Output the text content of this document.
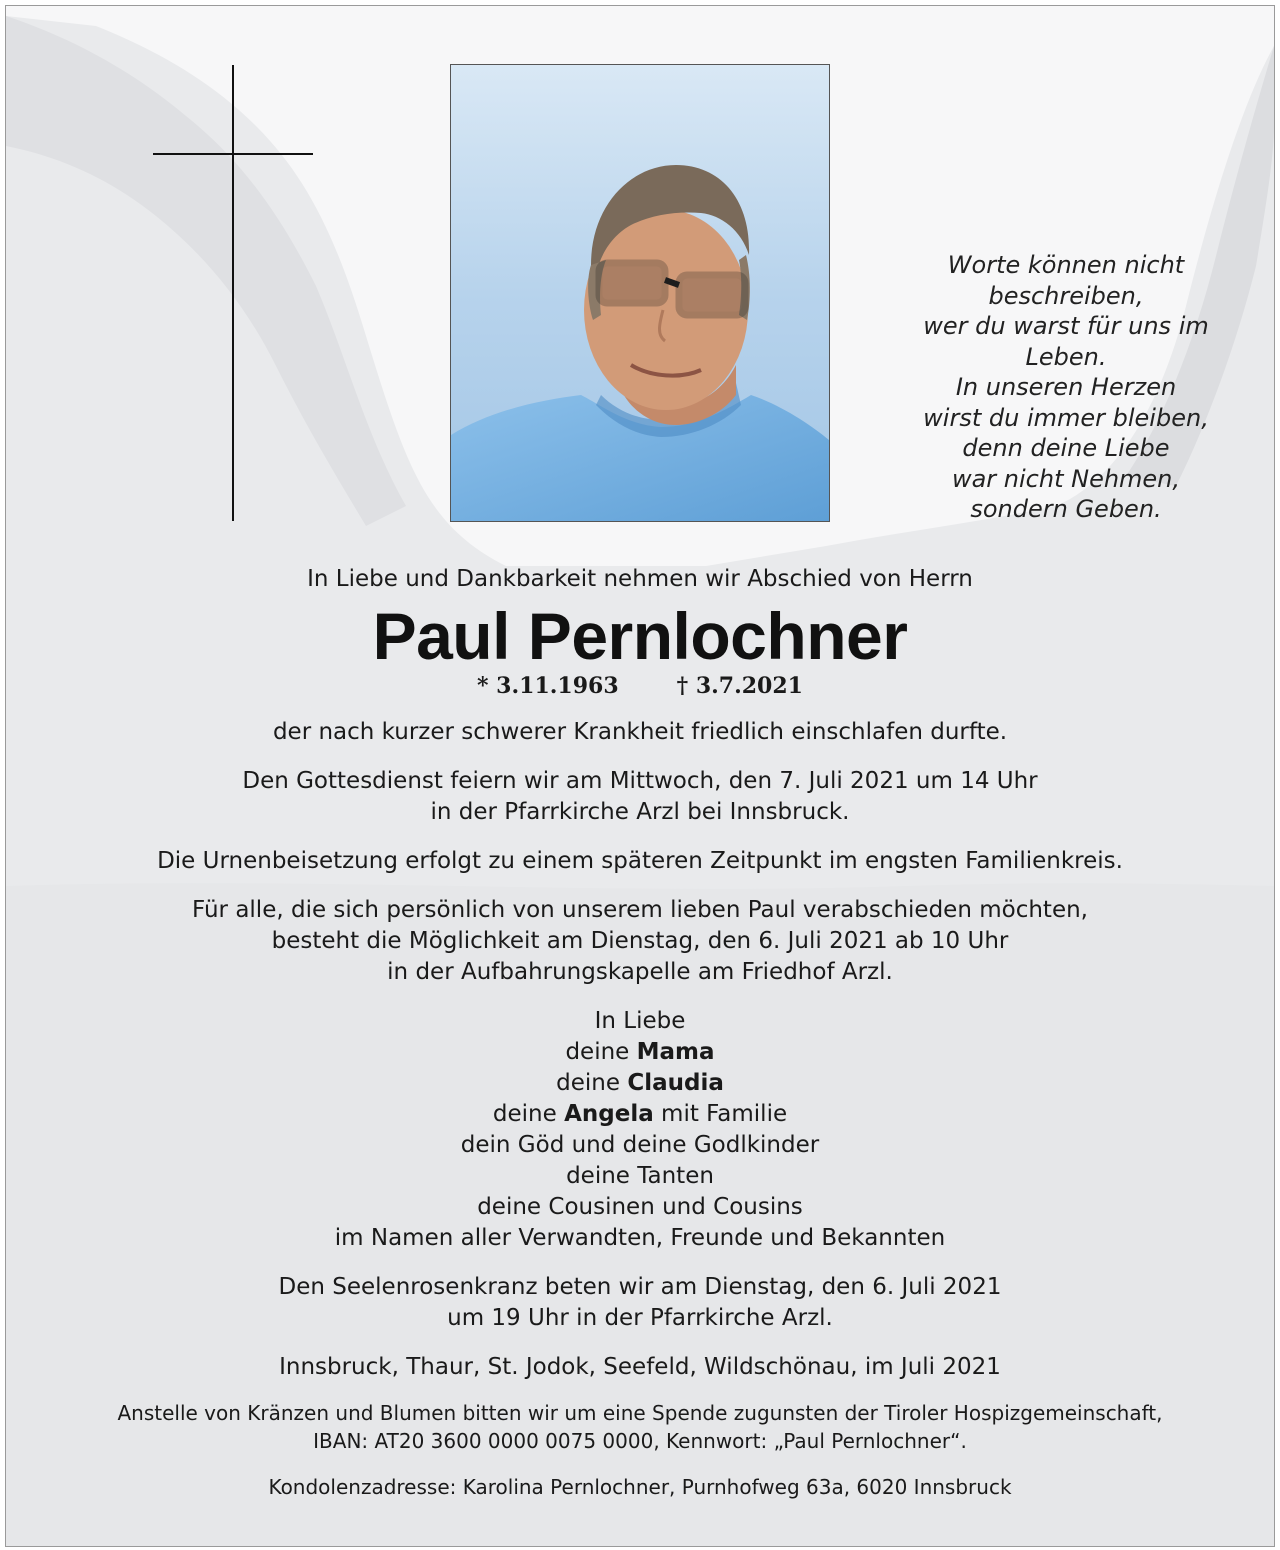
Worte können nicht
beschreiben,
wer du warst für uns im
Leben.
In unseren Herzen
wirst du immer bleiben,
denn deine Liebe
war nicht Nehmen,
sondern Geben.
In Liebe und Dankbarkeit nehmen wir Abschied von Herrn
Paul Pernlochner
* 3.11.1963	† 3.7.2021
der nach kurzer schwerer Krankheit friedlich einschlafen durfte.
Den Gottesdienst feiern wir am Mittwoch, den 7. Juli 2021 um 14 Uhr
in der Pfarrkirche Arzl bei Innsbruck.
Die Urnenbeisetzung erfolgt zu einem späteren Zeitpunkt im engsten Familienkreis.
Für alle, die sich persönlich von unserem lieben Paul verabschieden möchten,
besteht die Möglichkeit am Dienstag, den 6. Juli 2021 ab 10 Uhr
in der Aufbahrungskapelle am Friedhof Arzl.
In Liebe
deine Mama
deine Claudia
deine Angela mit Familie
dein Göd und deine Godlkinder
deine Tanten
deine Cousinen und Cousins
im Namen aller Verwandten, Freunde und Bekannten
Den Seelenrosenkranz beten wir am Dienstag, den 6. Juli 2021
um 19 Uhr in der Pfarrkirche Arzl.
Innsbruck, Thaur, St. Jodok, Seefeld, Wildschönau, im Juli 2021
Anstelle von Kränzen und Blumen bitten wir um eine Spende zugunsten der Tiroler Hospizgemeinschaft,
IBAN: AT20 3600 0000 0075 0000, Kennwort: „Paul Pernlochner“.
Kondolenzadresse: Karolina Pernlochner, Purnhofweg 63a, 6020 Innsbruck
